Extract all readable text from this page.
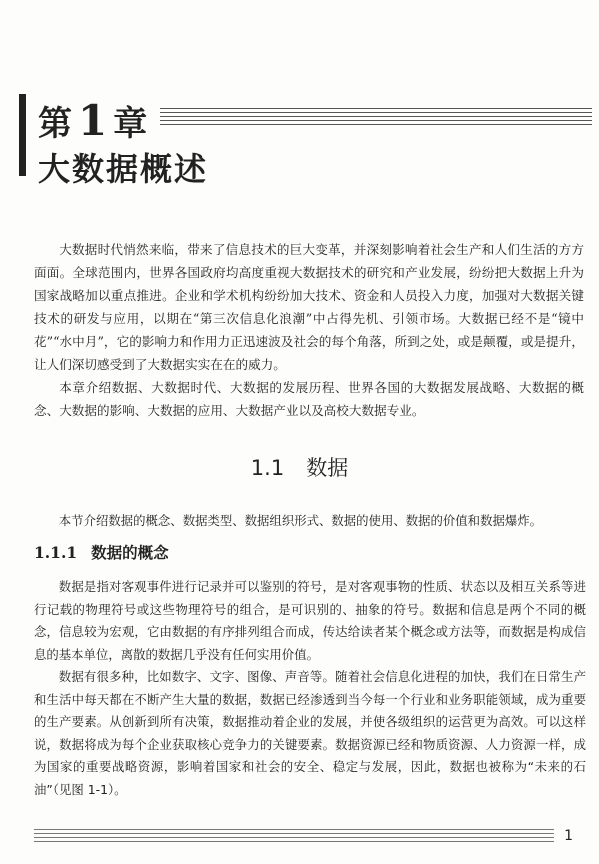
第 1 章
大数据概述

大数据时代悄然来临，带来了信息技术的巨大变革，并深刻影响着社会生产和人们生活的方方面面。全球范围内，世界各国政府均高度重视大数据技术的研究和产业发展，纷纷把大数据上升为国家战略加以重点推进。企业和学术机构纷纷加大技术、资金和人员投入力度，加强对大数据关键技术的研发与应用，以期在“第三次信息化浪潮”中占得先机、引领市场。大数据已经不是“镜中花”“水中月”，它的影响力和作用力正迅速波及社会的每个角落，所到之处，或是颠覆，或是提升，让人们深切感受到了大数据实实在在的威力。

本章介绍数据、大数据时代、大数据的发展历程、世界各国的大数据发展战略、大数据的概念、大数据的影响、大数据的应用、大数据产业以及高校大数据专业。

1.1 数据

本节介绍数据的概念、数据类型、数据组织形式、数据的使用、数据的价值和数据爆炸。

1.1.1 数据的概念

数据是指对客观事件进行记录并可以鉴别的符号，是对客观事物的性质、状态以及相互关系等进行记载的物理符号或这些物理符号的组合，是可识别的、抽象的符号。数据和信息是两个不同的概念，信息较为宏观，它由数据的有序排列组合而成，传达给读者某个概念或方法等，而数据是构成信息的基本单位，离散的数据几乎没有任何实用价值。

数据有很多种，比如数字、文字、图像、声音等。随着社会信息化进程的加快，我们在日常生产和生活中每天都在不断产生大量的数据，数据已经渗透到当今每一个行业和业务职能领域，成为重要的生产要素。从创新到所有决策，数据推动着企业的发展，并使各级组织的运营更为高效。可以这样说，数据将成为每个企业获取核心竞争力的关键要素。数据资源已经和物质资源、人力资源一样，成为国家的重要战略资源，影响着国家和社会的安全、稳定与发展，因此，数据也被称为“未来的石油”（见图 1-1）。

1
